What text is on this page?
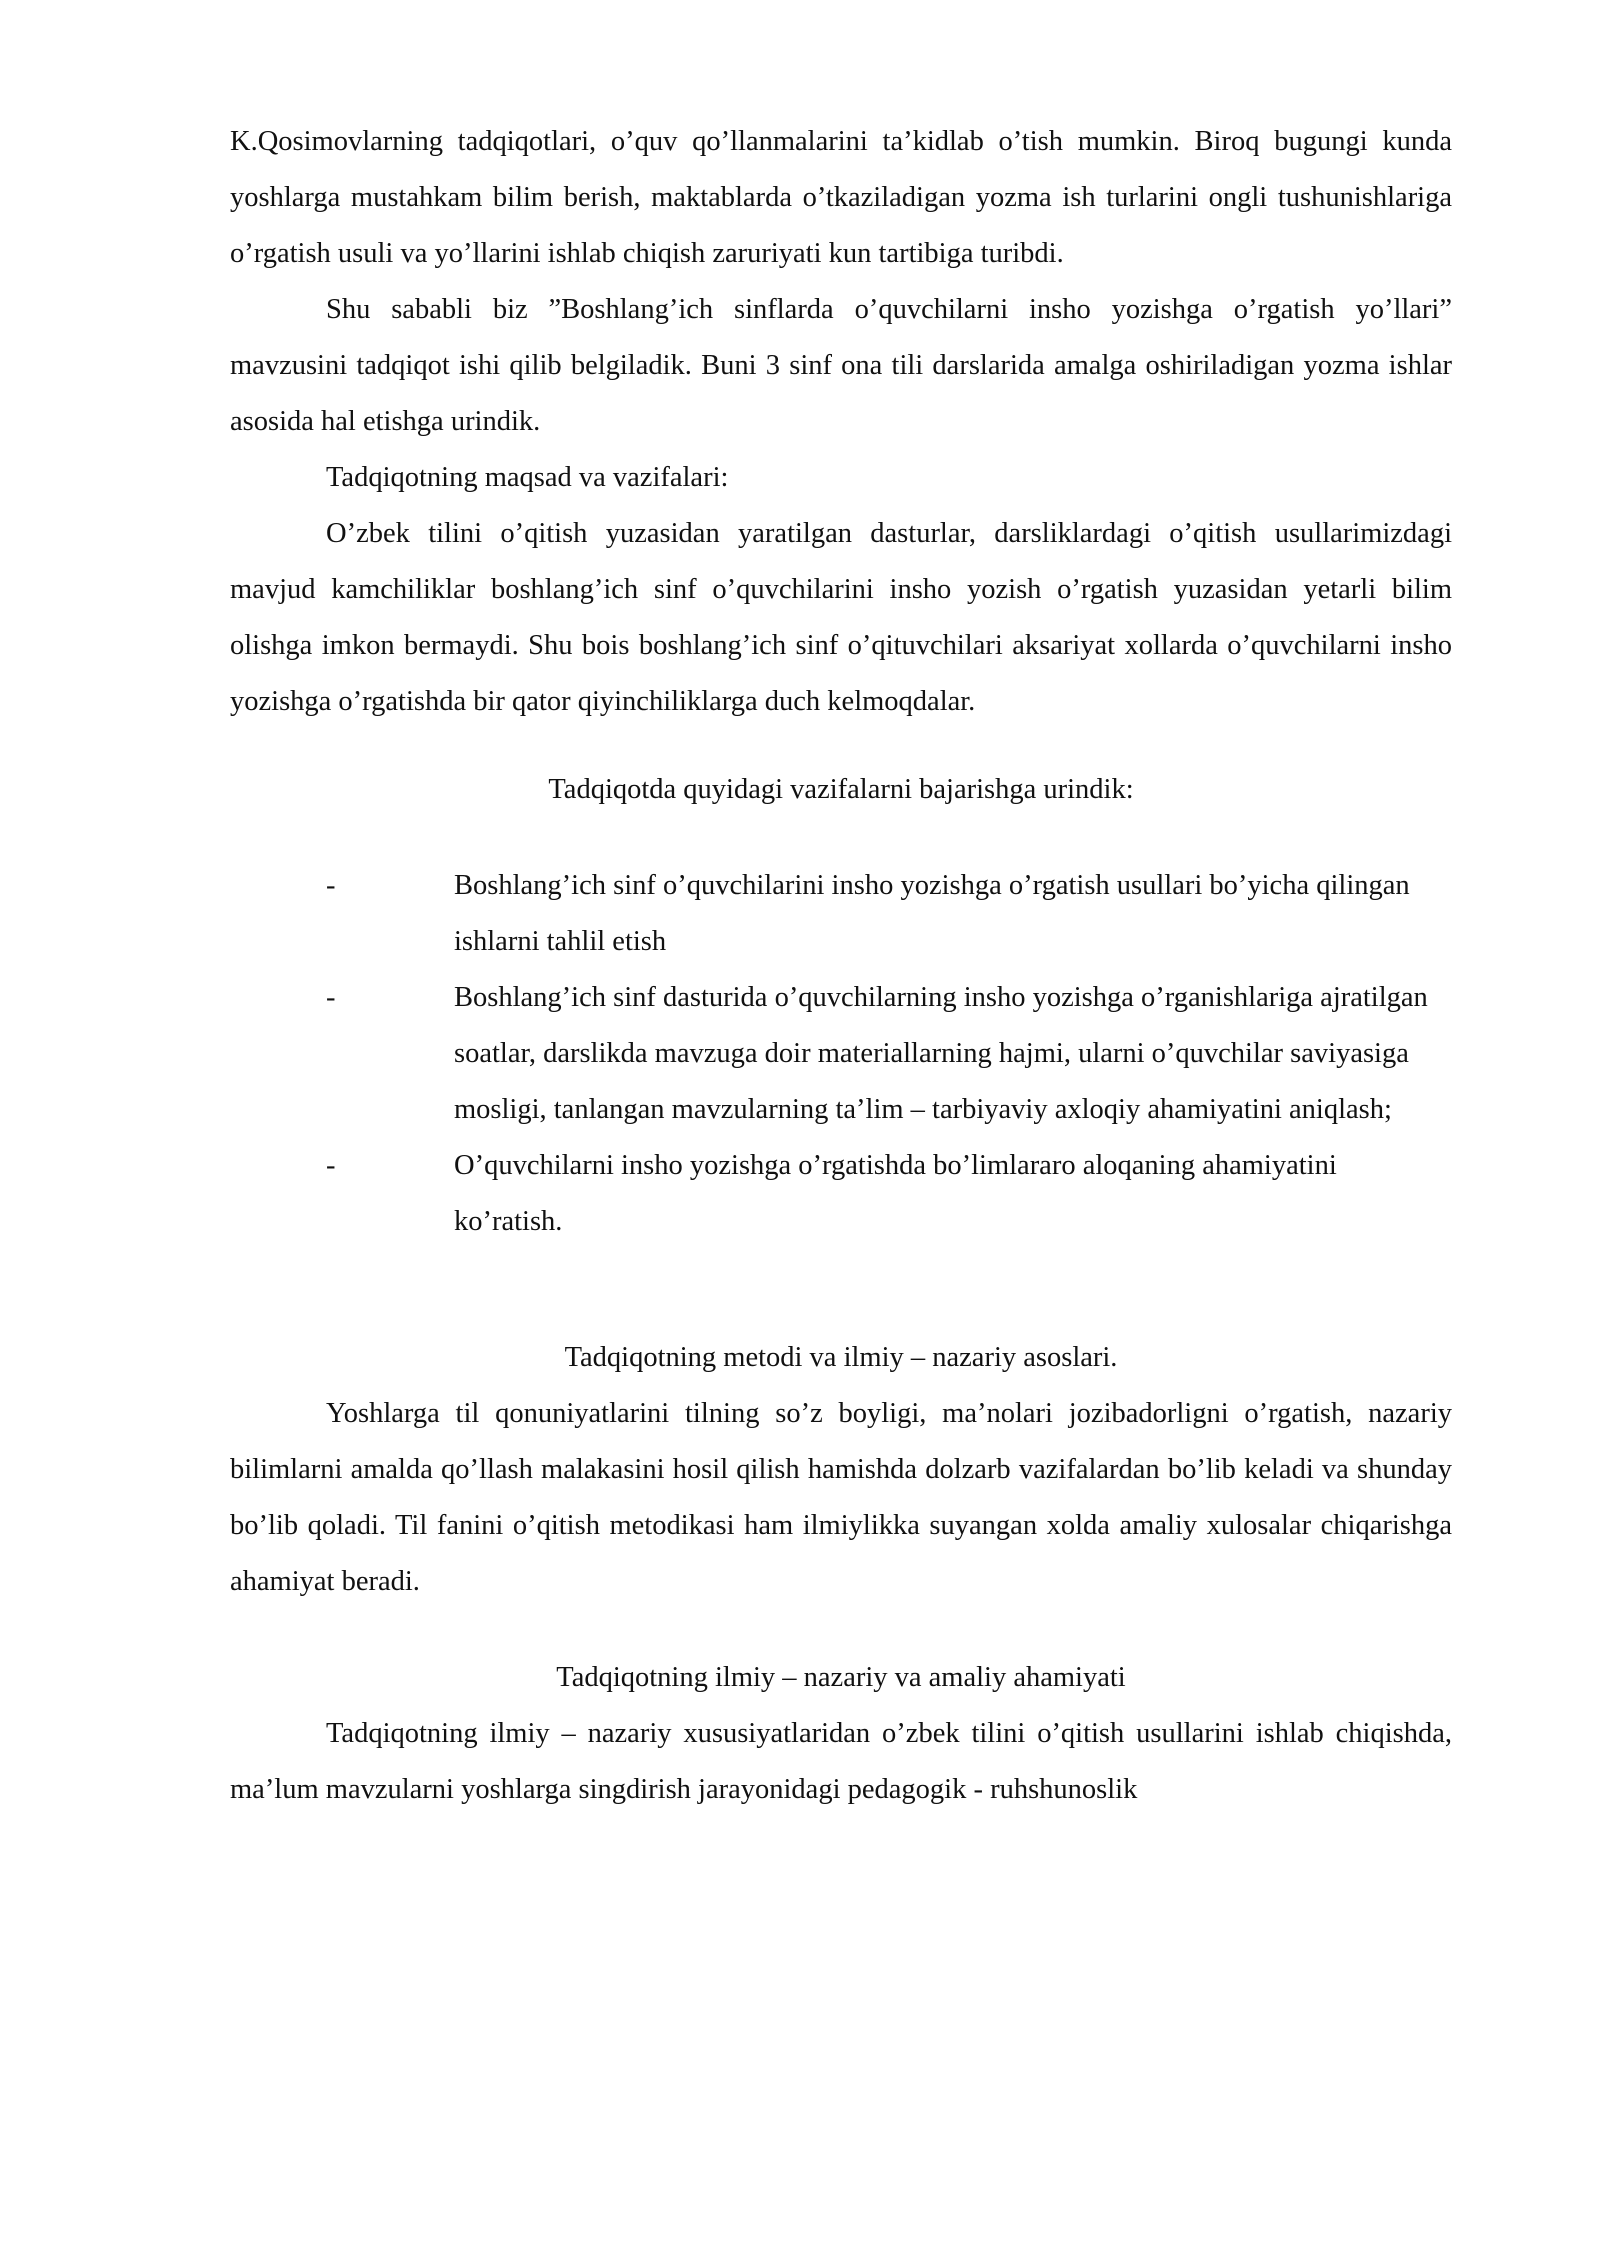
K.Qosimovlarning tadqiqotlari, o’quv qo’llanmalarini ta’kidlab o’tish mumkin. Biroq bugungi kunda yoshlarga mustahkam bilim berish, maktablarda o’tkaziladigan yozma ish turlarini ongli tushunishlariga o’rgatish usuli va yo’llarini ishlab chiqish zaruriyati kun tartibiga turibdi.

Shu sababli biz ”Boshlang’ich sinflarda o’quvchilarni insho yozishga o’rgatish yo’llari” mavzusini tadqiqot ishi qilib belgiladik. Buni 3 sinf ona tili darslarida amalga oshiriladigan yozma ishlar asosida hal etishga urindik.

Tadqiqotning maqsad va vazifalari:

O’zbek tilini o’qitish yuzasidan yaratilgan dasturlar, darsliklardagi o’qitish usullarimizdagi mavjud kamchiliklar boshlang’ich sinf o’quvchilarini insho yozish o’rgatish yuzasidan yetarli bilim olishga imkon bermaydi. Shu bois boshlang’ich sinf o’qituvchilari aksariyat xollarda o’quvchilarni insho yozishga o’rgatishda bir qator qiyinchiliklarga duch kelmoqdalar.

Tadqiqotda quyidagi vazifalarni bajarishga urindik:

-	Boshlang’ich sinf o’quvchilarini insho yozishga o’rgatish usullari bo’yicha qilingan ishlarni tahlil etish
-	Boshlang’ich sinf dasturida o’quvchilarning insho yozishga o’rganishlariga ajratilgan soatlar, darslikda mavzuga doir materiallarning hajmi, ularni o’quvchilar saviyasiga mosligi, tanlangan mavzularning ta’lim – tarbiyaviy axloqiy ahamiyatini aniqlash;
-	O’quvchilarni insho yozishga o’rgatishda bo’limlararo aloqaning ahamiyatini ko’ratish.

Tadqiqotning metodi va ilmiy – nazariy asoslari.

Yoshlarga til qonuniyatlarini tilning so’z boyligi, ma’nolari jozibadorligni o’rgatish, nazariy bilimlarni amalda qo’llash malakasini hosil qilish hamishda dolzarb vazifalardan bo’lib keladi va shunday bo’lib qoladi. Til fanini o’qitish metodikasi ham ilmiylikka suyangan xolda amaliy xulosalar chiqarishga ahamiyat beradi.

Tadqiqotning ilmiy – nazariy va amaliy ahamiyati

Tadqiqotning ilmiy – nazariy xususiyatlaridan o’zbek tilini o’qitish usullarini ishlab chiqishda, ma’lum mavzularni yoshlarga singdirish jarayonidagi pedagogik - ruhshunoslik
